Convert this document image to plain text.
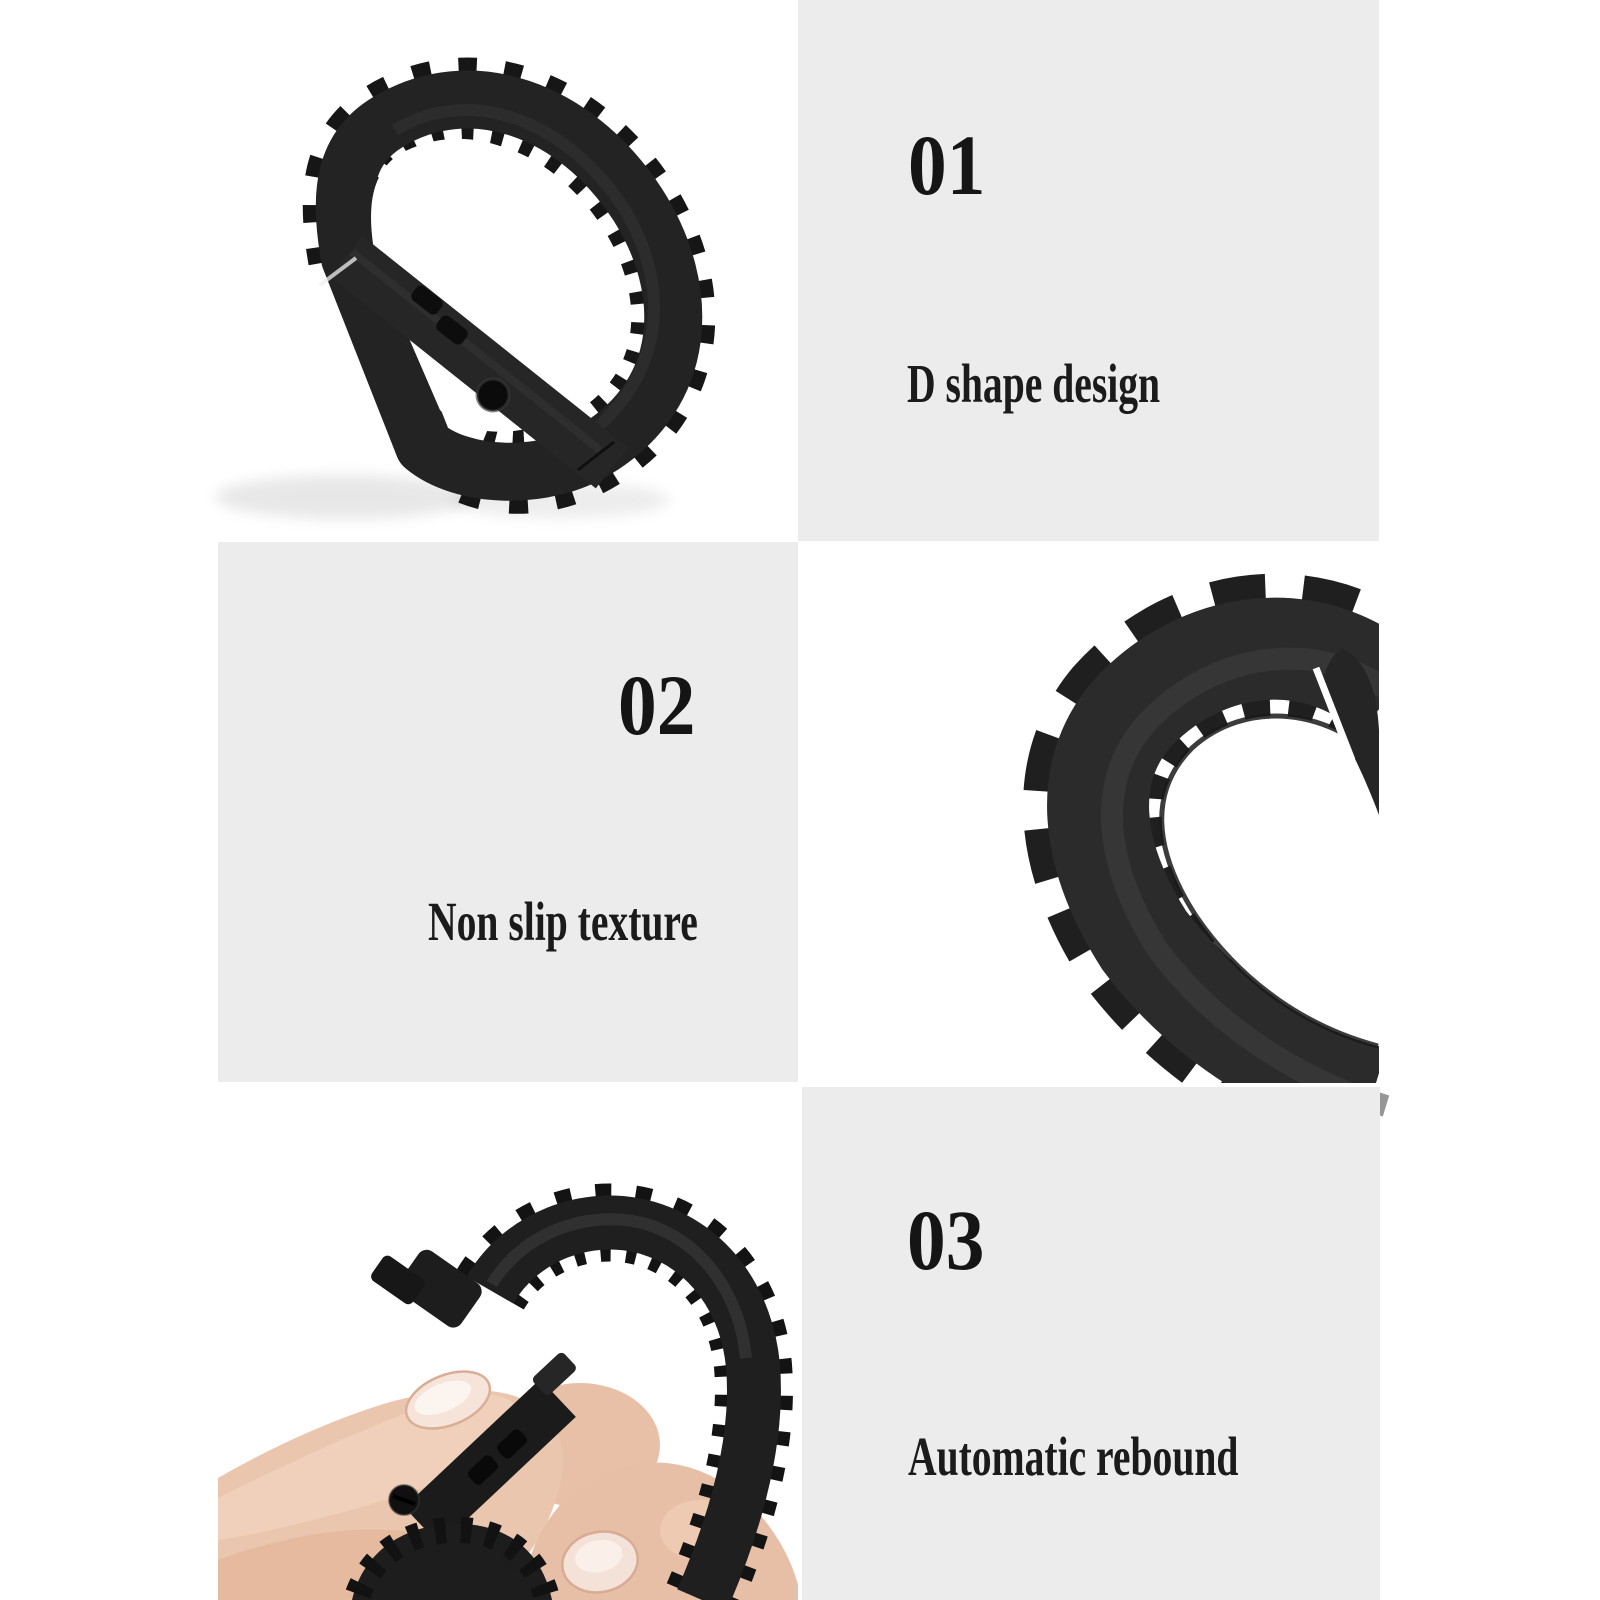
01
D shape design
02
Non slip texture
03
Automatic rebound
